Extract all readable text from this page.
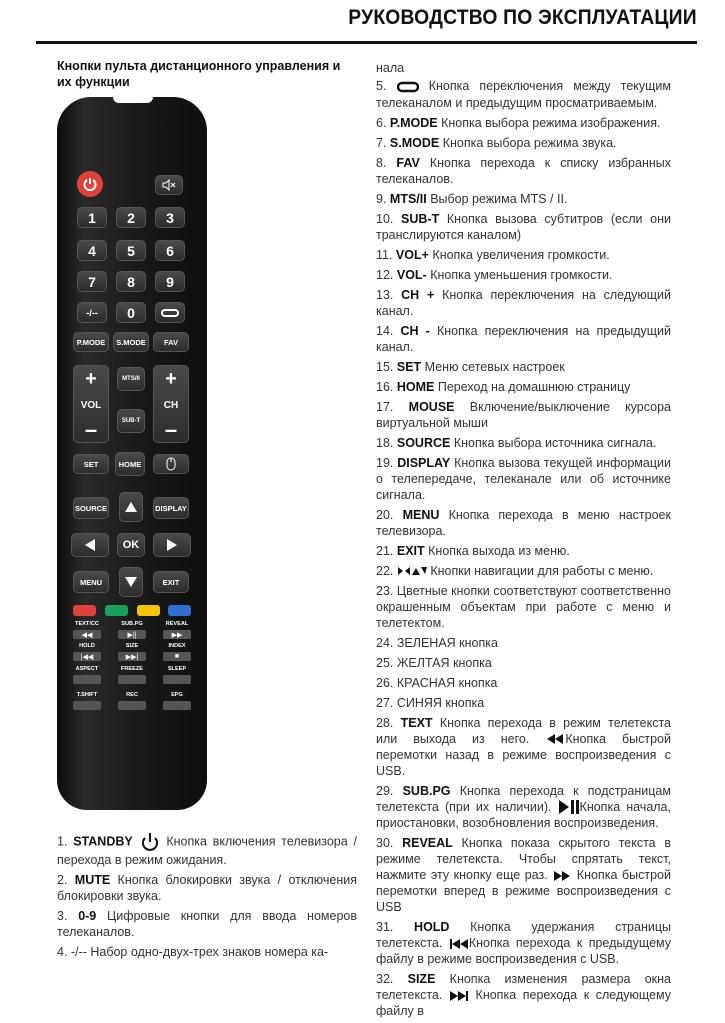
РУКОВОДСТВО ПО ЭКСПЛУАТАЦИИ
Кнопки пульта дистанционного управления и их функции
1	2	3
4	5	6
7	8	9
-/--	0
P.MODE	S.MODE	FAV
+
VOL
–
MTS/II
SUB-T
+
CH
–
SET	HOME
SOURCE	DISPLAY
OK
MENU	EXIT
TEXT/CC	SUB.PG	REVEAL
◀◀	▶||	▶▶
HOLD	SIZE	INDEX
|◀◀	▶▶|	■
ASPECT	FREEZE	SLEEP
T.SHIFT	REC	EPG

1. STANDBY	Кнопка включения телевизора / перехода в режим ожидания.

2. MUTE Кнопка блокировки звука / отключения блокировки звука.

3. 0-9 Цифровые кнопки для ввода номеров телеканалов.

4. -/-- Набор одно-двух-трех знаков номера ка-

нала

5.	Кнопка переключения между текущим телеканалом и предыдущим просматриваемым.

6. P.MODE Кнопка выбора режима изображения.

7. S.MODE Кнопка выбора режима звука.

8. FAV Кнопка перехода к списку избранных телеканалов.

9. MTS/II Выбор режима MTS / II.

10. SUB-T Кнопка вызова субтитров (если они транслируются каналом)

11. VOL+ Кнопка увеличения громкости.

12. VOL- Кнопка уменьшения громкости.

13. CH + Кнопка переключения на следующий канал.

14. CH - Кнопка переключения на предыдущий канал.

15. SET Меню сетевых настроек

16. HOME Переход на домашнюю страницу

17. MOUSE Включение/выключение курсора виртуальной мыши

18. SOURCE Кнопка выбора источника сигнала.

19. DISPLAY Кнопка вызова текущей информации о телепередаче, телеканале или об источнике сигнала.

20. MENU Кнопка перехода в меню настроек телевизора.

21. EXIT Кнопка выхода из меню.

22.	Кнопки навигации для работы с меню.

23. Цветные кнопки соответствуют соответственно окрашенным объектам при работе с меню и телетектом.

24. ЗЕЛЕНАЯ кнопка

25. ЖЕЛТАЯ кнопка

26. КРАСНАЯ кнопка

27. СИНЯЯ кнопка

28. TEXT Кнопка перехода в режим телетекста или выхода из него.	Кнопка быстрой перемотки назад в режиме воспроизведения с USB.

29. SUB.PG Кнопка перехода к подстраницам телетекста (при их наличии). Кнопка начала, приостановки, возобновления воспроизведения.

30. REVEAL Кнопка показа скрытого текста в режиме телетекста. Чтобы спрятать текст, нажмите эту кнопку еще раз. Кнопка быстрой перемотки вперед в режиме воспроизведения с USB

31. HOLD Кнопка удержания страницы телетекста. Кнопка перехода к предыдущему файлу в режиме воспроизведения с USB.

32. SIZE Кнопка изменения размера окна телетекста.	Кнопка перехода к следующему файлу в
